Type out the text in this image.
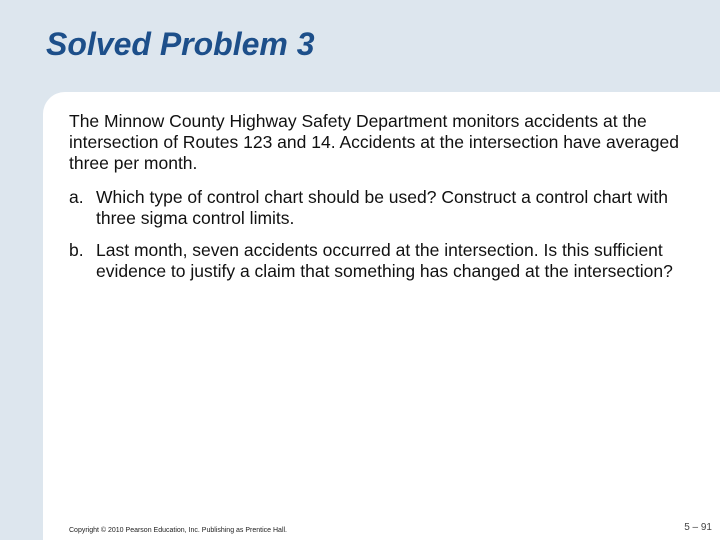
Solved Problem 3

The Minnow County Highway Safety Department monitors accidents at the intersection of Routes 123 and 14. Accidents at the intersection have averaged three per month.

a. Which type of control chart should be used? Construct a control chart with three sigma control limits.
b. Last month, seven accidents occurred at the intersection. Is this sufficient evidence to justify a claim that something has changed at the intersection?
Copyright © 2010 Pearson Education, Inc. Publishing as Prentice Hall.	5 – 91
